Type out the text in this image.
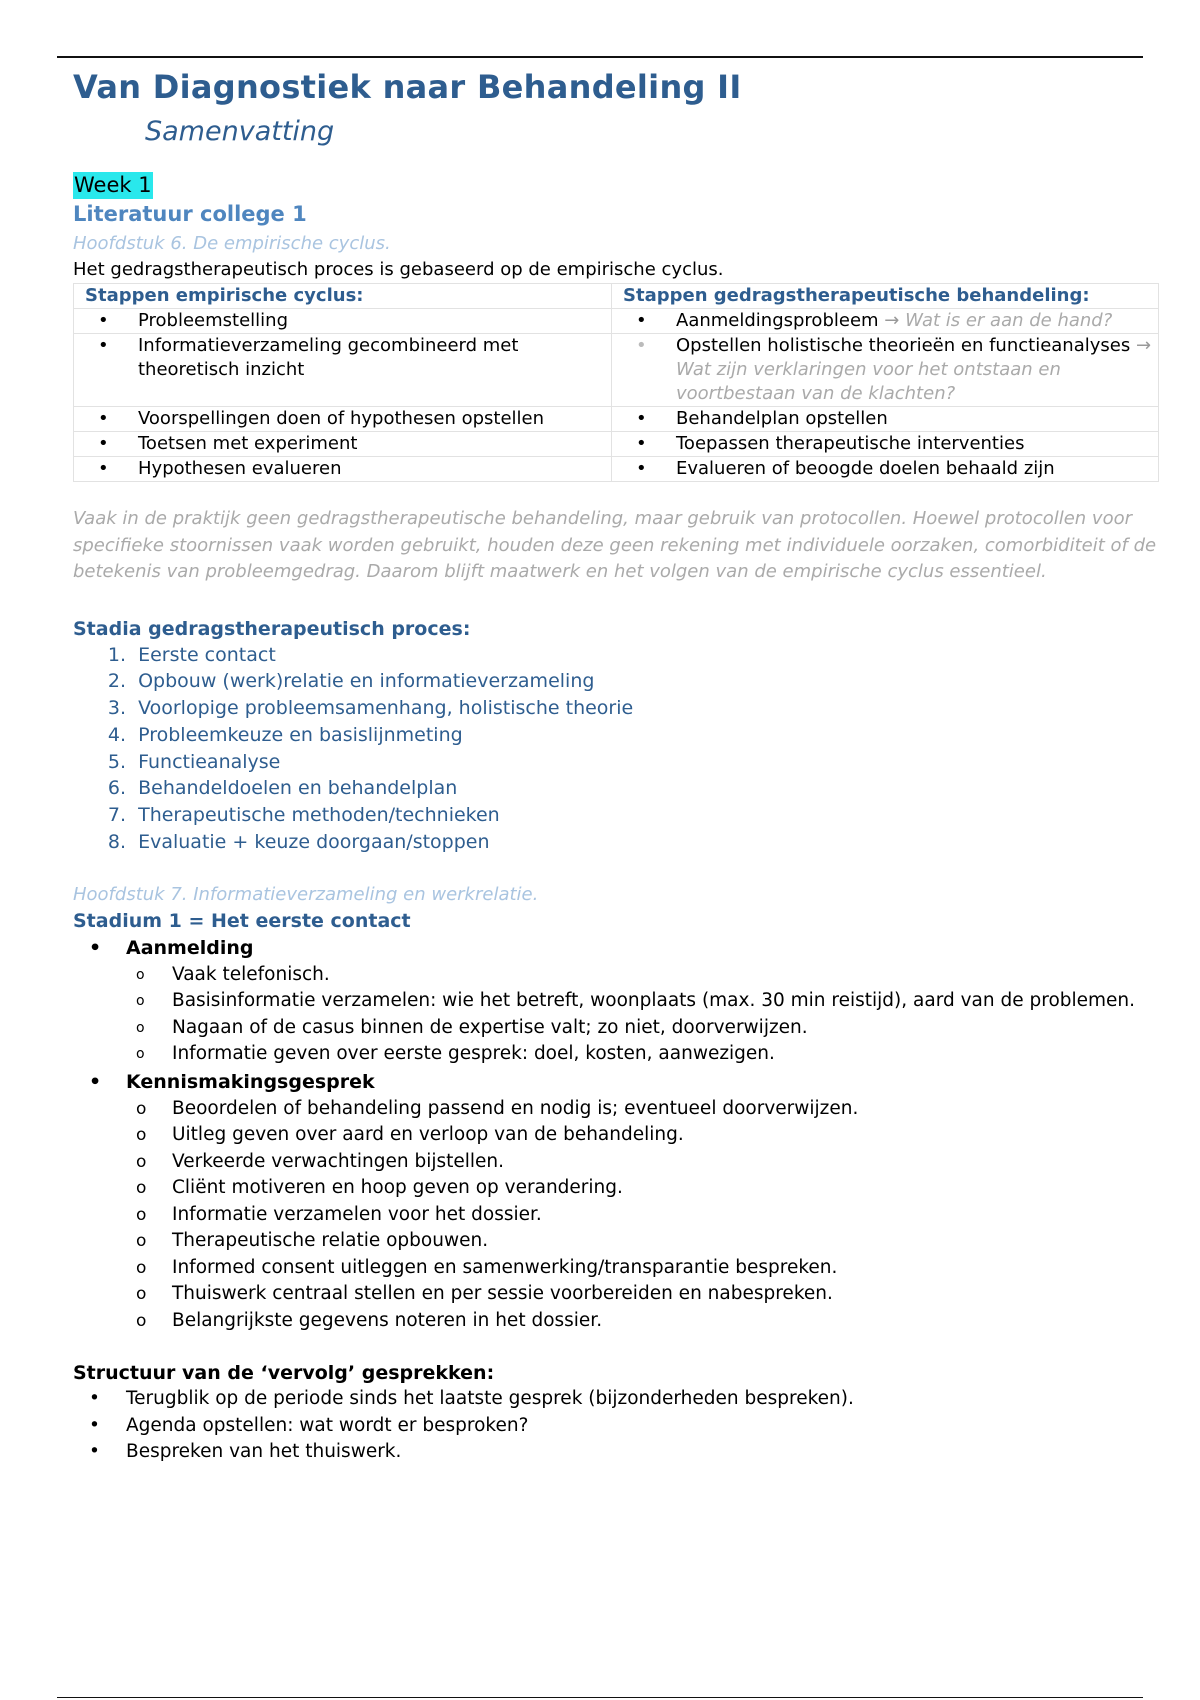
Van Diagnostiek naar Behandeling II
Samenvatting
Week 1
Literatuur college 1
Hoofdstuk 6. De empirische cyclus.
Het gedragstherapeutisch proces is gebaseerd op de empirische cyclus.
Stappen empirische cyclus:	Stappen gedragstherapeutische behandeling:

• Probleemstelling	• Aanmeldingsprobleem → Wat is er aan de hand?

• Informatieverzameling gecombineerd met theoretisch inzicht	• Opstellen holistische theorieën en functieanalyses → Wat zijn verklaringen voor het ontstaan en voortbestaan van de klachten?

• Voorspellingen doen of hypothesen opstellen	• Behandelplan opstellen

• Toetsen met experiment	• Toepassen therapeutische interventies

• Hypothesen evalueren	• Evalueren of beoogde doelen behaald zijn
Vaak in de praktijk geen gedragstherapeutische behandeling, maar gebruik van protocollen. Hoewel protocollen voor specifieke stoornissen vaak worden gebruikt, houden deze geen rekening met individuele oorzaken, comorbiditeit of de betekenis van probleemgedrag. Daarom blijft maatwerk en het volgen van de empirische cyclus essentieel.
Stadia gedragstherapeutisch proces:
1.
Eerste contact
2.
Opbouw (werk)relatie en informatieverzameling
3.
Voorlopige probleemsamenhang, holistische theorie
4.
Probleemkeuze en basislijnmeting
5.
Functieanalyse
6.
Behandeldoelen en behandelplan
7.
Therapeutische methoden/technieken
8.
Evaluatie + keuze doorgaan/stoppen
Hoofdstuk 7. Informatieverzameling en werkrelatie.
Stadium 1 = Het eerste contact
•	Aanmelding
o	Vaak telefonisch.
o	Basisinformatie verzamelen: wie het betreft, woonplaats (max. 30 min reistijd), aard van de problemen.
o	Nagaan of de casus binnen de expertise valt; zo niet, doorverwijzen.
o	Informatie geven over eerste gesprek: doel, kosten, aanwezigen.
•	Kennismakingsgesprek
o	Beoordelen of behandeling passend en nodig is; eventueel doorverwijzen.
o	Uitleg geven over aard en verloop van de behandeling.
o	Verkeerde verwachtingen bijstellen.
o	Cliënt motiveren en hoop geven op verandering.
o	Informatie verzamelen voor het dossier.
o	Therapeutische relatie opbouwen.
o	Informed consent uitleggen en samenwerking/transparantie bespreken.
o	Thuiswerk centraal stellen en per sessie voorbereiden en nabespreken.
o	Belangrijkste gegevens noteren in het dossier.
Structuur van de ‘vervolg’ gesprekken:
•	Terugblik op de periode sinds het laatste gesprek (bijzonderheden bespreken).
•	Agenda opstellen: wat wordt er besproken?
•	Bespreken van het thuiswerk.
